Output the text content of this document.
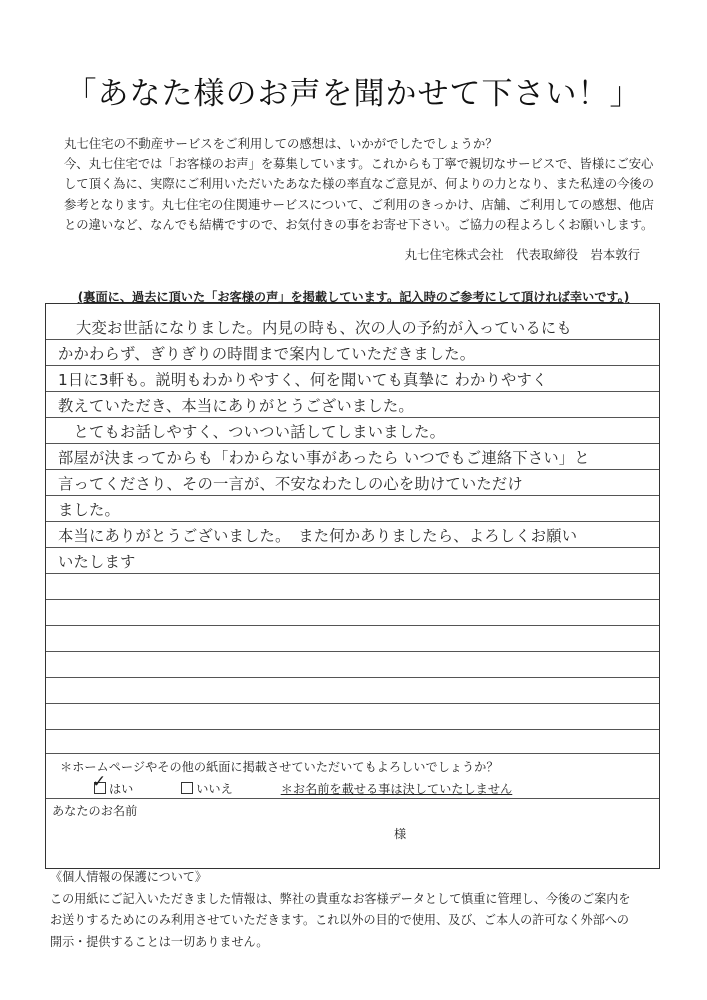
「あなた様のお声を聞かせて下さい！」

丸七住宅の不動産サービスをご利用しての感想は、いかがでしたでしょうか？

今、丸七住宅では「お客様のお声」を募集しています。これからも丁寧で親切なサービスで、皆様にご安心

して頂く為に、実際にご利用いただいたあなた様の率直なご意見が、何よりの力となり、また私達の今後の

参考となります。丸七住宅の住関連サービスについて、ご利用のきっかけ、店舗、ご利用しての感想、他店

との違いなど、なんでも結構ですので、お気付きの事をお寄せ下さい。ご協力の程よろしくお願いします。

丸七住宅株式会社　代表取締役　岩本敦行
(裏面に、過去に頂いた「お客様の声」を掲載しています。記入時のご参考にして頂ければ幸いです。)
大変お世話になりました。内見の時も、次の人の予約が入っているにも
かかわらず、ぎりぎりの時間まで案内していただきました。
1日に3軒も。説明もわかりやすく、何を聞いても真摯に わかりやすく
教えていただき、本当にありがとうございました。
　とてもお話しやすく、ついつい話してしまいました。
部屋が決まってからも「わからない事があったら いつでもご連絡下さい」と
言ってくださり、その一言が、不安なわたしの心を助けていただけ
ました。
本当にありがとうございました。　また何かありましたら、よろしくお願い
いたします
＊ホームページやその他の紙面に掲載させていただいてもよろしいでしょうか？
✓ はい	いいえ	＊お名前を載せる事は決していたしません
あなたのお名前
様

《個人情報の保護について》

この用紙にご記入いただきました情報は、弊社の貴重なお客様データとして慎重に管理し、今後のご案内を

お送りするためにのみ利用させていただきます。これ以外の目的で使用、及び、ご本人の許可なく外部への

開示・提供することは一切ありません。
